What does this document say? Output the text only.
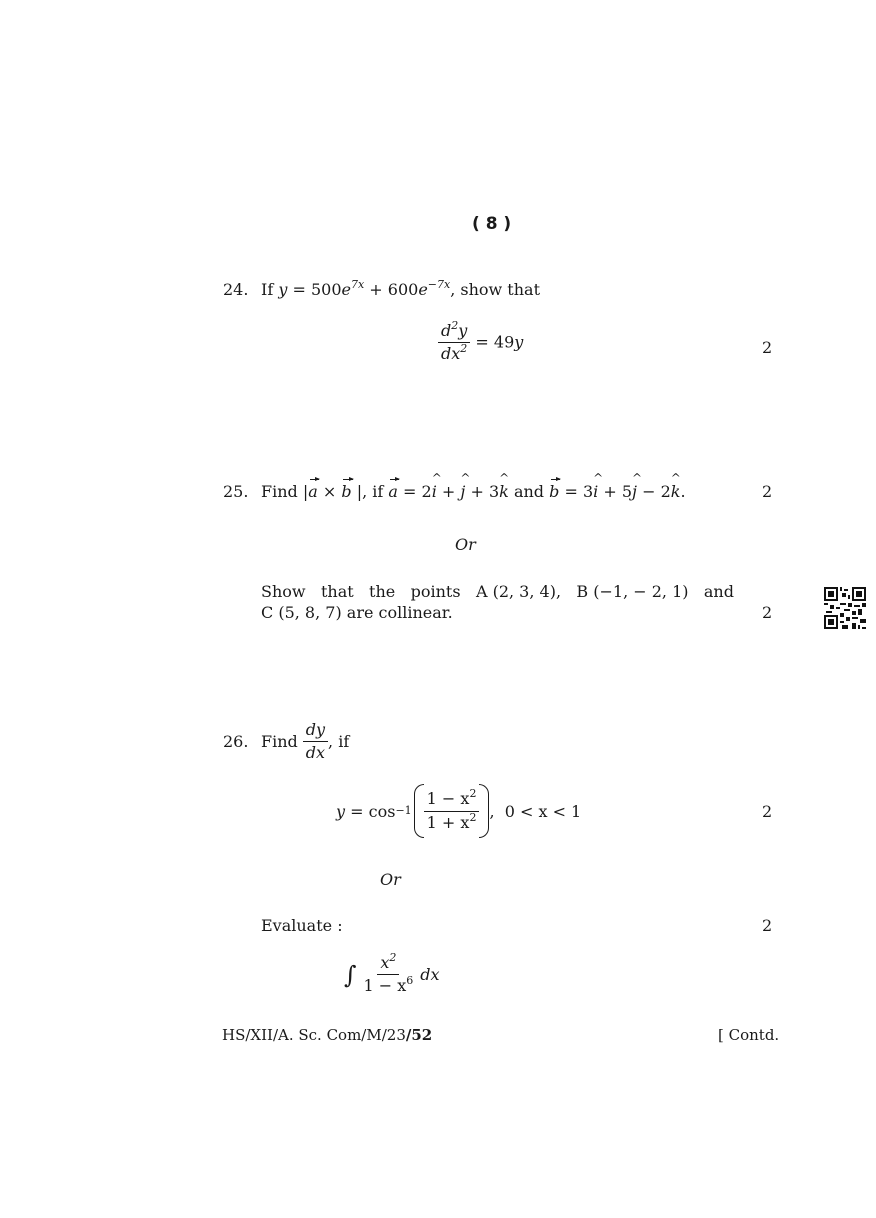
( 8 )
24. If $y = 500e^{7x} + 600e^{-7x}$, show that
$\frac{d^2y}{dx^2} = 49y$	2
25. Find |a × b |, if a = 2^ i + ^ j + 3^ k and b = 3^ i + 5^ j − 2^ k.	2
Or
Show that the points A (2, 3, 4), B (−1, − 2, 1) and
C (5, 8, 7) are collinear.	2
26. Find $\frac{dy}{dx}$ , if
$y = \cos -1 \frac{1 - x^2}{1 + x^2}$ ,  0 < x < 1	2
Or
Evaluate :	2
∫ $\frac{x^2}{1 - x^6}$ dx
HS/XII/A. Sc. Com/M/23/52	[ Contd.
